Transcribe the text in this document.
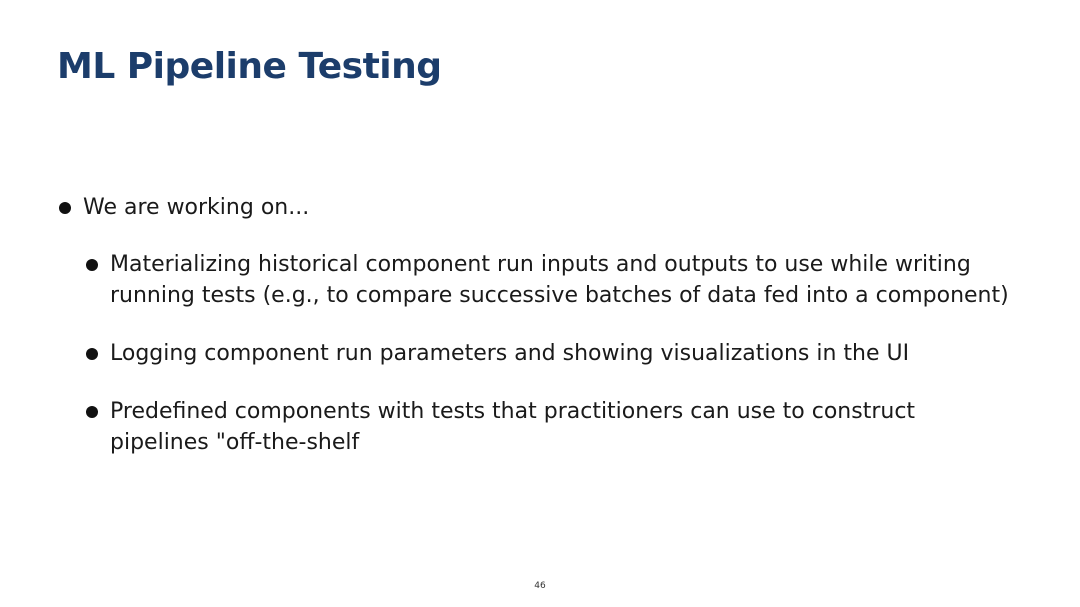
ML Pipeline Testing
We are working on...
Materializing historical component run inputs and outputs to use while writing running tests (e.g., to compare successive batches of data fed into a component)
Logging component run parameters and showing visualizations in the UI
Predefined components with tests that practitioners can use to construct pipelines "off-the-shelf
46
